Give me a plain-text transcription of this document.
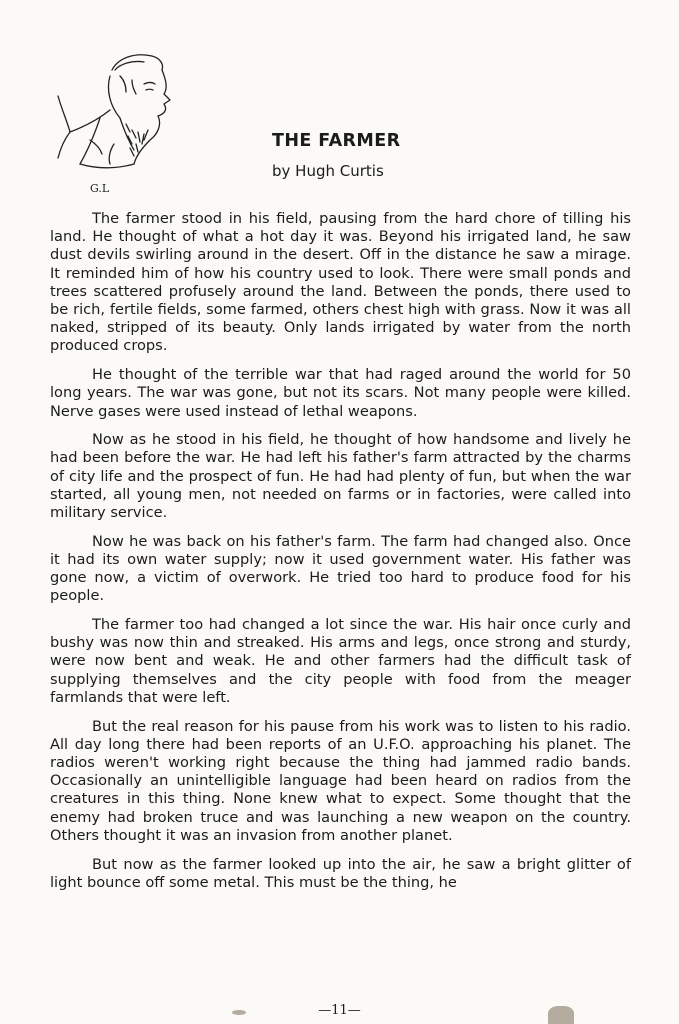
G.L
THE FARMER

by Hugh Curtis

The farmer stood in his field, pausing from the hard chore of tilling his land. He thought of what a hot day it was. Beyond his irrigated land, he saw dust devils swirling around in the desert. Off in the distance he saw a mirage. It reminded him of how his country used to look. There were small ponds and trees scattered profusely around the land. Between the ponds, there used to be rich, fertile fields, some farmed, others chest high with grass. Now it was all naked, stripped of its beauty. Only lands irrigated by water from the north produced crops.

He thought of the terrible war that had raged around the world for 50 long years. The war was gone, but not its scars. Not many people were killed. Nerve gases were used instead of lethal weapons.

Now as he stood in his field, he thought of how handsome and lively he had been before the war. He had left his father's farm attracted by the charms of city life and the prospect of fun. He had had plenty of fun, but when the war started, all young men, not needed on farms or in factories, were called into military service.

Now he was back on his father's farm. The farm had changed also. Once it had its own water supply; now it used government water. His father was gone now, a victim of overwork. He tried too hard to produce food for his people.

The farmer too had changed a lot since the war. His hair once curly and bushy was now thin and streaked. His arms and legs, once strong and sturdy, were now bent and weak. He and other farmers had the difficult task of supplying themselves and the city people with food from the meager farmlands that were left.

But the real reason for his pause from his work was to listen to his radio. All day long there had been reports of an U.F.O. approaching his planet. The radios weren't working right because the thing had jammed radio bands. Occasionally an unintelligible language had been heard on radios from the creatures in this thing. None knew what to expect. Some thought that the enemy had broken truce and was launching a new weapon on the country. Others thought it was an invasion from another planet.

But now as the farmer looked up into the air, he saw a bright glitter of light bounce off some metal. This must be the thing, he

—11—
